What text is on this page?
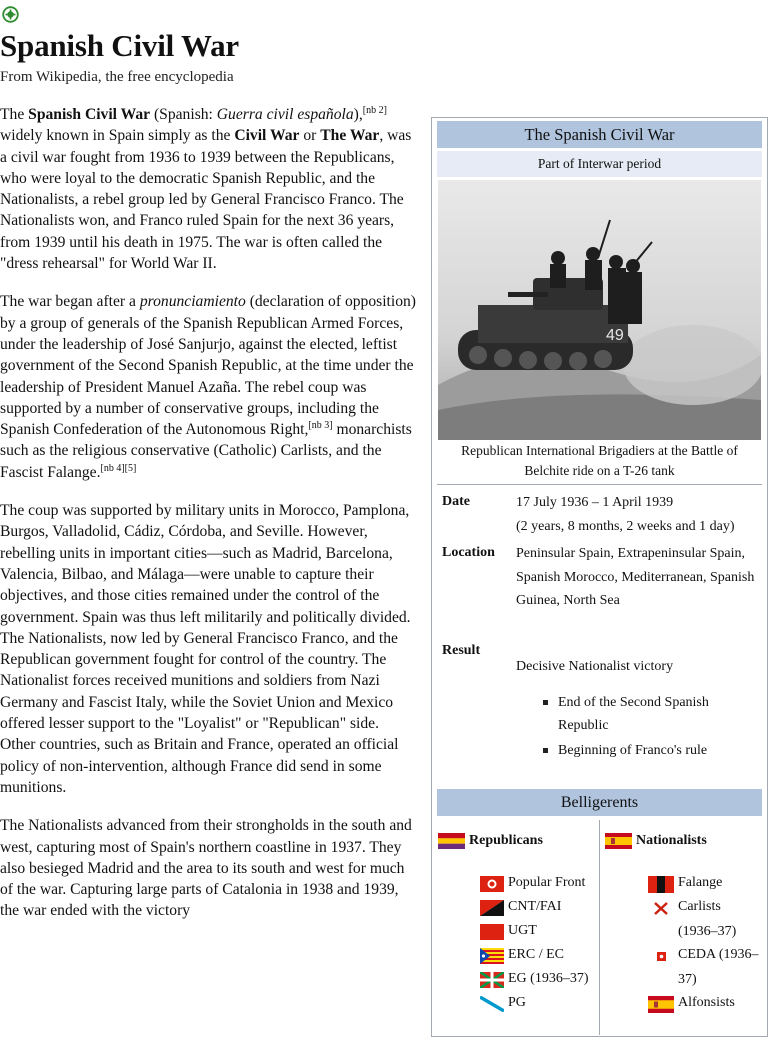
Spanish Civil War
From Wikipedia, the free encyclopedia

The Spanish Civil War (Spanish: Guerra civil española),[nb 2] widely known in Spain simply as the Civil War or The War, was a civil war fought from 1936 to 1939 between the Republicans, who were loyal to the democratic Spanish Republic, and the Nationalists, a rebel group led by General Francisco Franco. The Nationalists won, and Franco ruled Spain for the next 36 years, from 1939 until his death in 1975. The war is often called the "dress rehearsal" for World War II.

The war began after a pronunciamiento (declaration of opposition) by a group of generals of the Spanish Republican Armed Forces, under the leadership of José Sanjurjo, against the elected, leftist government of the Second Spanish Republic, at the time under the leadership of President Manuel Azaña. The rebel coup was supported by a number of conservative groups, including the Spanish Confederation of the Autonomous Right,[nb 3] monarchists such as the religious conservative (Catholic) Carlists, and the Fascist Falange.[nb 4][5]

The coup was supported by military units in Morocco, Pamplona, Burgos, Valladolid, Cádiz, Córdoba, and Seville. However, rebelling units in important cities—such as Madrid, Barcelona, Valencia, Bilbao, and Málaga—were unable to capture their objectives, and those cities remained under the control of the government. Spain was thus left militarily and politically divided. The Nationalists, now led by General Francisco Franco, and the Republican government fought for control of the country. The Nationalist forces received munitions and soldiers from Nazi Germany and Fascist Italy, while the Soviet Union and Mexico offered lesser support to the "Loyalist" or "Republican" side. Other countries, such as Britain and France, operated an official policy of non-intervention, although France did send in some munitions.

The Nationalists advanced from their strongholds in the south and west, capturing most of Spain's northern coastline in 1937. They also besieged Madrid and the area to its south and west for much of the war. Capturing large parts of Catalonia in 1938 and 1939, the war ended with the victory

The Spanish Civil War
Part of Interwar period
49
Republican International Brigadiers at the Battle of Belchite ride on a T-26 tank
Date	17 July 1936 – 1 April 1939
(2 years, 8 months, 2 weeks and 1 day)
Location Peninsular Spain, Extrapeninsular Spain, Spanish Morocco, Mediterranean, Spanish Guinea, North Sea
Result
Decisive Nationalist victory
End of the Second Spanish Republic
Beginning of Franco's rule
Belligerents
Republicans	Nationalists
Popular Front
CNT/FAI
UGT
ERC / EC
EG (1936–37)
PG
Falange
Carlists (1936–37)
CEDA (1936–37)
Alfonsists
